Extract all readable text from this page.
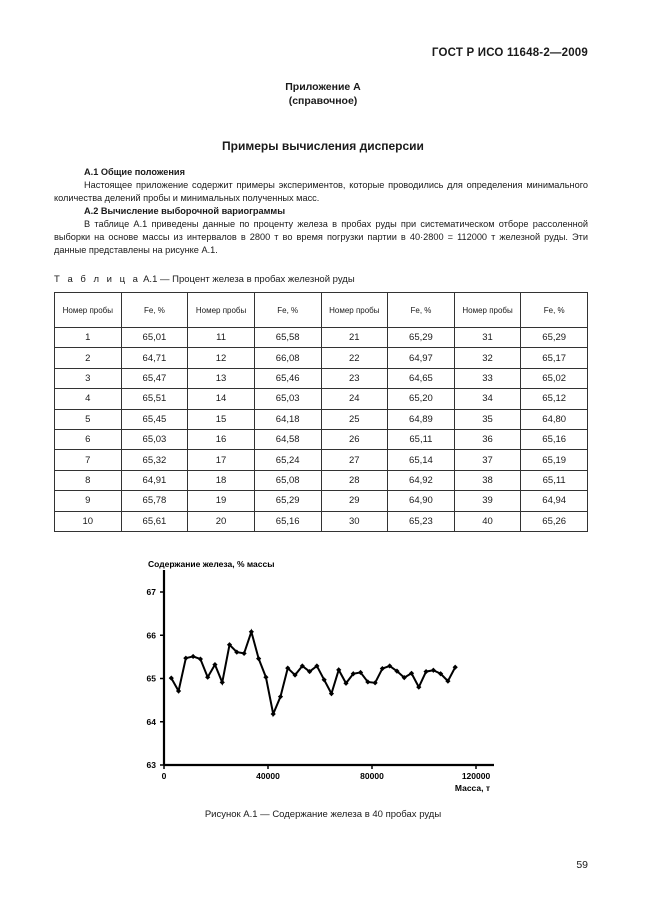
ГОСТ Р ИСО 11648-2—2009
Приложение А
(справочное)
Примеры вычисления дисперсии
А.1 Общие положения
Настоящее приложение содержит примеры экспериментов, которые проводились для определения минимального количества делений пробы и минимальных полученных масс.
А.2 Вычисление выборочной вариограммы
В таблице А.1 приведены данные по проценту железа в пробах руды при систематическом отборе рассоленной выборки на основе массы из интервалов в 2800 т во время погрузки партии в 40·2800 = 112000 т железной руды. Эти данные представлены на рисунке А.1.
Т а б л и ц а А.1 — Процент железа в пробах железной руды
Номер пробы	Fe, %	Номер пробы	Fe, %	Номер пробы	Fe, %	Номер пробы	Fe, %
1	65,01	11	65,58	21	65,29	31	65,29
2	64,71	12	66,08	22	64,97	32	65,17
3	65,47	13	65,46	23	64,65	33	65,02
4	65,51	14	65,03	24	65,20	34	65,12
5	65,45	15	64,18	25	64,89	35	64,80
6	65,03	16	64,58	26	65,11	36	65,16
7	65,32	17	65,24	27	65,14	37	65,19
8	64,91	18	65,08	28	64,92	38	65,11
9	65,78	19	65,29	29	64,90	39	64,94
10	65,61	20	65,16	30	65,23	40	65,26
63
64
65
66
67
0	40000	80000	120000
Содержание железа, % массы
Масса, т
Рисунок А.1 — Содержание железа в 40 пробах руды
59
